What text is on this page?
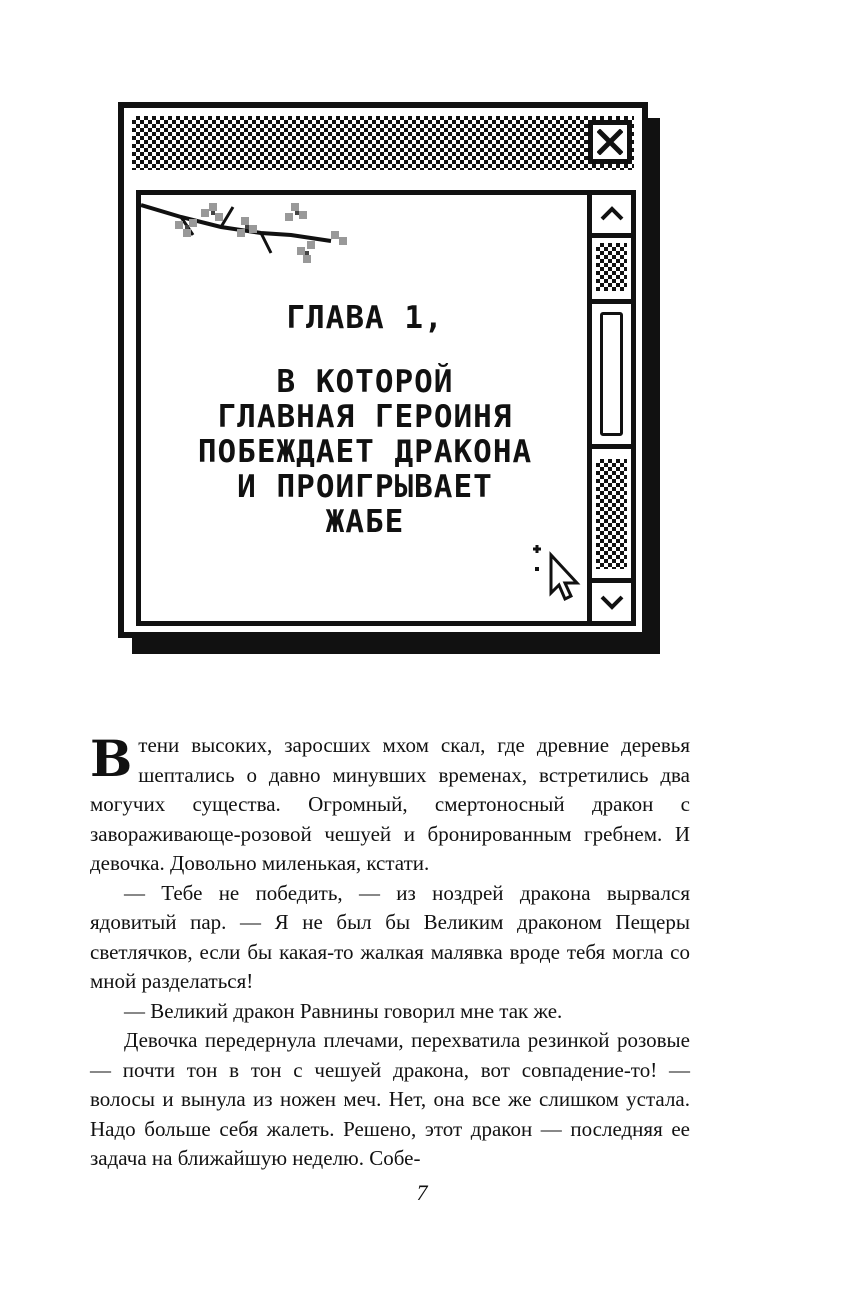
ГЛАВА 1,
В КОТОРОЙ
ГЛАВНАЯ ГЕРОИНЯ
ПОБЕЖДАЕТ ДРАКОНА
И ПРОИГРЫВАЕТ
ЖАБЕ

В тени высоких, заросших мхом скал, где древние деревья шептались о давно минувших временах, встретились два могучих существа. Огромный, смертоносный дракон с завораживающе-розовой чешуей и бронированным гребнем. И девочка. Довольно миленькая, кстати.

— Тебе не победить, — из ноздрей дракона вырвался ядовитый пар. — Я не был бы Великим драконом Пещеры светлячков, если бы какая-то жалкая малявка вроде тебя могла со мной разделаться!

— Великий дракон Равнины говорил мне так же.

Девочка передернула плечами, перехватила резинкой розовые — почти тон в тон с чешуей дракона, вот совпадение-то! — волосы и вынула из ножен меч. Нет, она все же слишком устала. Надо больше себя жалеть. Решено, этот дракон — последняя ее задача на ближайшую неделю. Собе-

7
